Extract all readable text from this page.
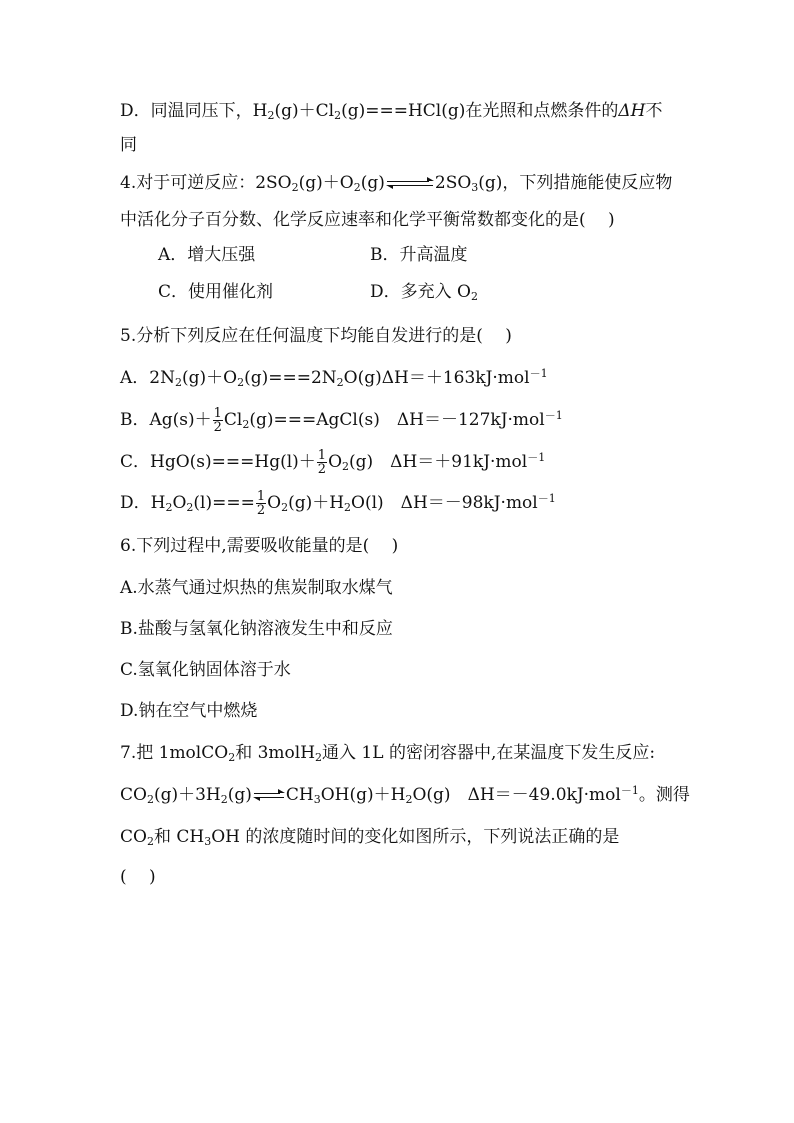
D．同温同压下，$H_2(g)+Cl_2(g)===HCl(g)$在光照和点燃条件的ΔH不
同
4.对于可逆反应：$2SO_2(g)+O_2(g)$ ⇌ $2SO_3(g)$，下列措施能使反应物
中活化分子百分数、化学反应速率和化学平衡常数都变化的是(　 )
A．增大压强	B．升高温度
C．使用催化剂	D．多充入 $O_2$
5.分析下列反应在任何温度下均能自发进行的是(　 )
A．$2N_2(g)+O_2(g)===2N_2O(g)\Delta H=+163kJ\cdot mol^{-1}$
B．$Ag(s)+ \frac{1}{2}$ $Cl_2(g)===AgCl(s)$　ΔH＝－127kJ·mol$^{-1}$
C．$HgO(s)===Hg(l)+ \frac{1}{2} O_2(g)$　ΔH＝＋91kJ·mol$^{-1}$
D．$H_2O_2(l)=== \frac{1}{2} O_2(g)+H_2O(l)$　ΔH＝－98kJ·mol$^{-1}$
6.下列过程中,需要吸收能量的是(　 )
A.水蒸气通过炽热的焦炭制取水煤气
B.盐酸与氢氧化钠溶液发生中和反应
C.氢氧化钠固体溶于水
D.钠在空气中燃烧
7.把 1molCO$_2$和 3molH$_2$通入 1L 的密闭容器中,在某温度下发生反应:
$CO_2(g)+3H_2(g)$ ⇌ $CH_3OH(g)+H_2O(g)$　ΔH＝－49.0kJ·mol$^{-1}$。测得
$CO_2$和 $CH_3OH$ 的浓度随时间的变化如图所示，下列说法正确的是
(　 )
